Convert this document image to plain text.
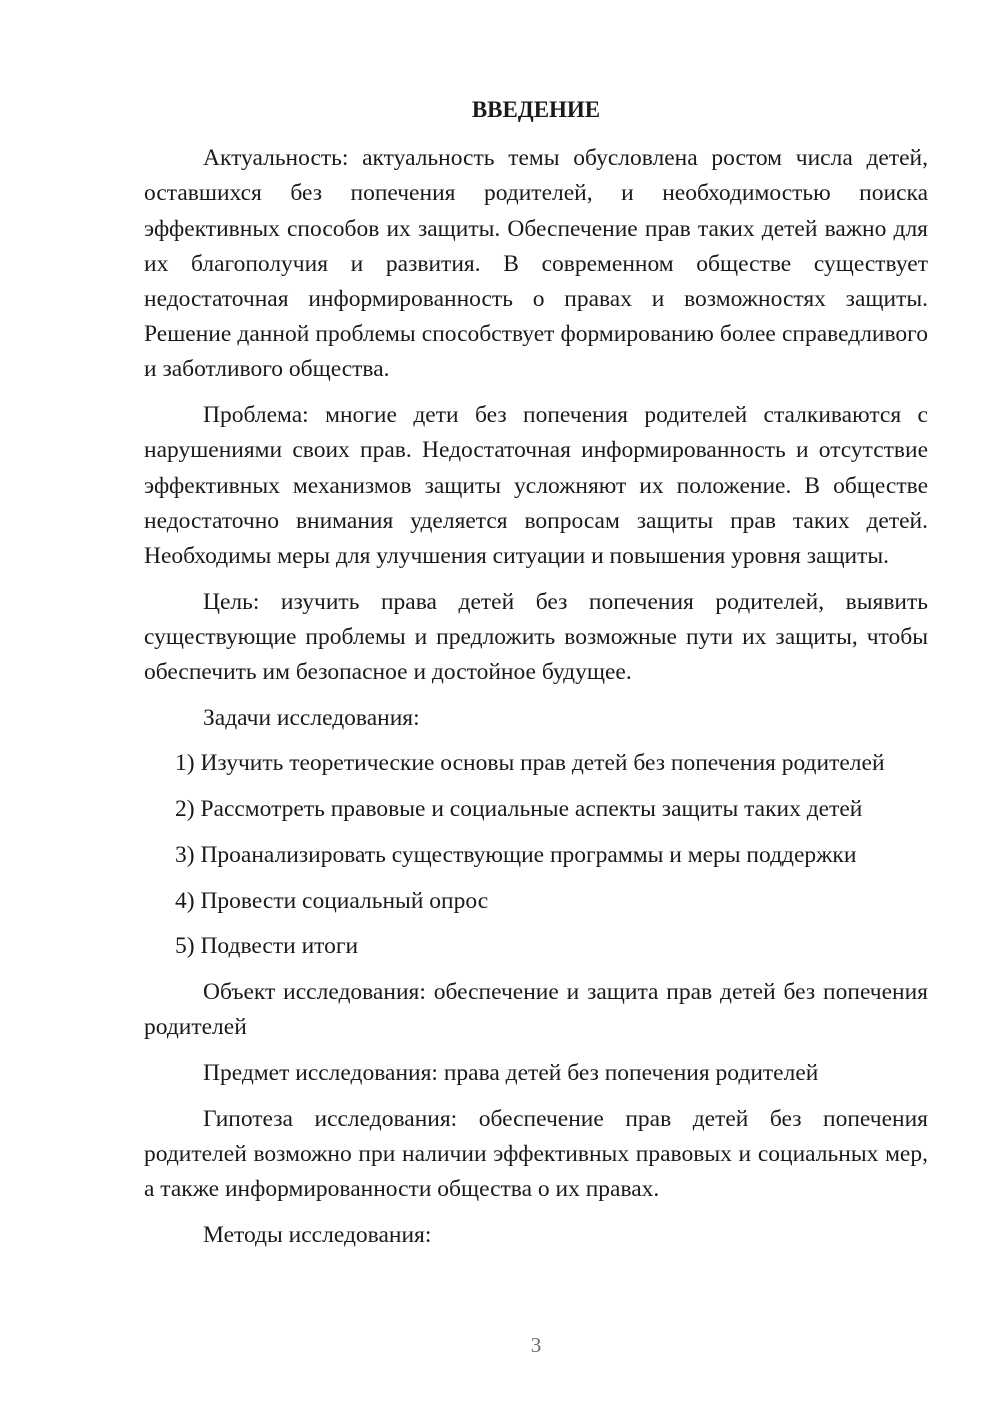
ВВЕДЕНИЕ

Актуальность: актуальность темы обусловлена ростом числа детей, оставшихся без попечения родителей, и необходимостью поиска эффективных способов их защиты. Обеспечение прав таких детей важно для их благополучия и развития. В современном обществе существует недостаточная информированность о правах и возможностях защиты. Решение данной проблемы способствует формированию более справедливого и заботливого общества.

Проблема: многие дети без попечения родителей сталкиваются с нарушениями своих прав. Недостаточная информированность и отсутствие эффективных механизмов защиты усложняют их положение. В обществе недостаточно внимания уделяется вопросам защиты прав таких детей. Необходимы меры для улучшения ситуации и повышения уровня защиты.

Цель: изучить права детей без попечения родителей, выявить существующие проблемы и предложить возможные пути их защиты, чтобы обеспечить им безопасное и достойное будущее.

Задачи исследования:

1) Изучить теоретические основы прав детей без попечения родителей

2) Рассмотреть правовые и социальные аспекты защиты таких детей

3) Проанализировать существующие программы и меры поддержки

4) Провести социальный опрос

5) Подвести итоги

Объект исследования: обеспечение и защита прав детей без попечения родителей

Предмет исследования: права детей без попечения родителей

Гипотеза исследования: обеспечение прав детей без попечения родителей возможно при наличии эффективных правовых и социальных мер, а также информированности общества о их правах.

Методы исследования:

3
